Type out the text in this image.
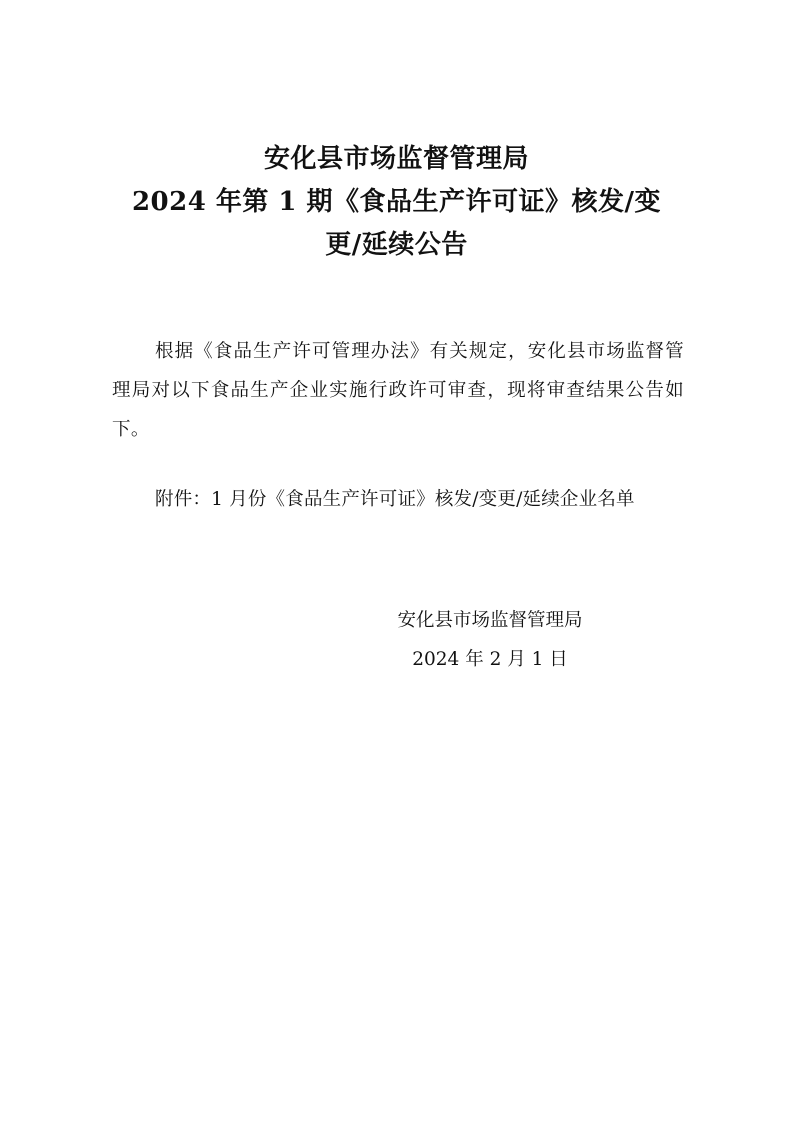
安化县市场监督管理局
2024 年第 1 期《食品生产许可证》核发/变
更/延续公告

根据《食品生产许可管理办法》有关规定，安化县市场监督管理局对以下食品生产企业实施行政许可审查，现将审查结果公告如下。

附件：1 月份《食品生产许可证》核发/变更/延续企业名单

安化县市场监督管理局
2024 年 2 月 1 日
